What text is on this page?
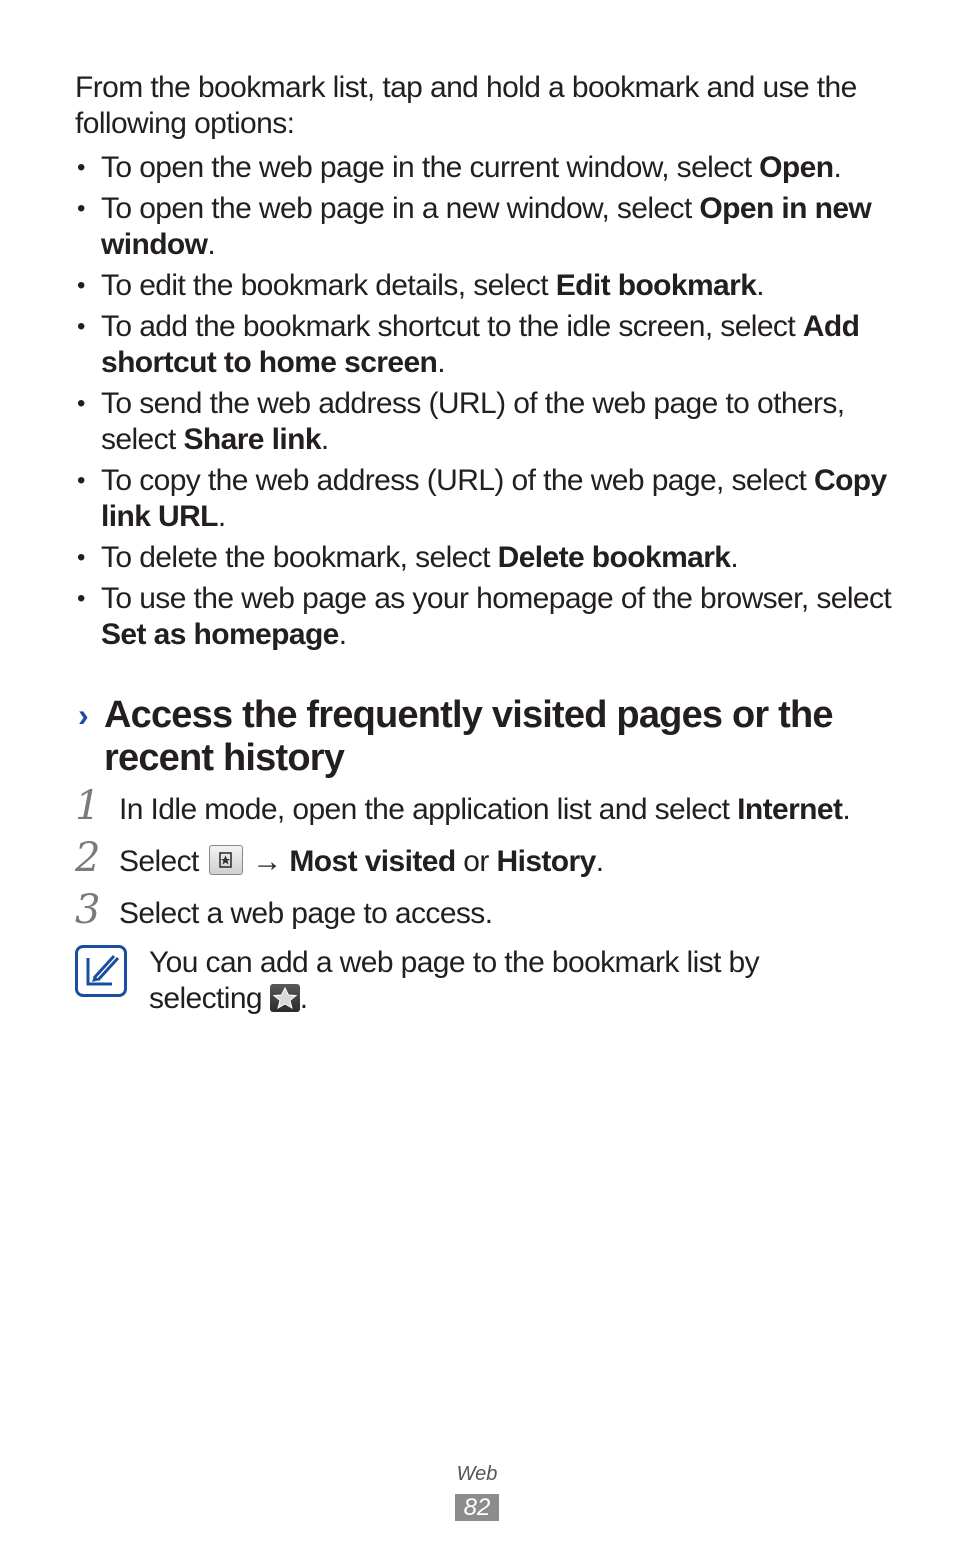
From the bookmark list, tap and hold a bookmark and use the following options:

• To open the web page in the current window, select Open.
• To open the web page in a new window, select Open in new window.
• To edit the bookmark details, select Edit bookmark.
• To add the bookmark shortcut to the idle screen, select Add shortcut to home screen.
• To send the web address (URL) of the web page to others, select Share link.
• To copy the web address (URL) of the web page, select Copy link URL.
• To delete the bookmark, select Delete bookmark.
• To use the web page as your homepage of the browser, select Set as homepage.
› Access the frequently visited pages or the recent history
1 In Idle mode, open the application list and select Internet.
2 Select
→ Most visited or History.
3 Select a web page to access.

You can add a web page to the bookmark list by selecting
.

Web
82
